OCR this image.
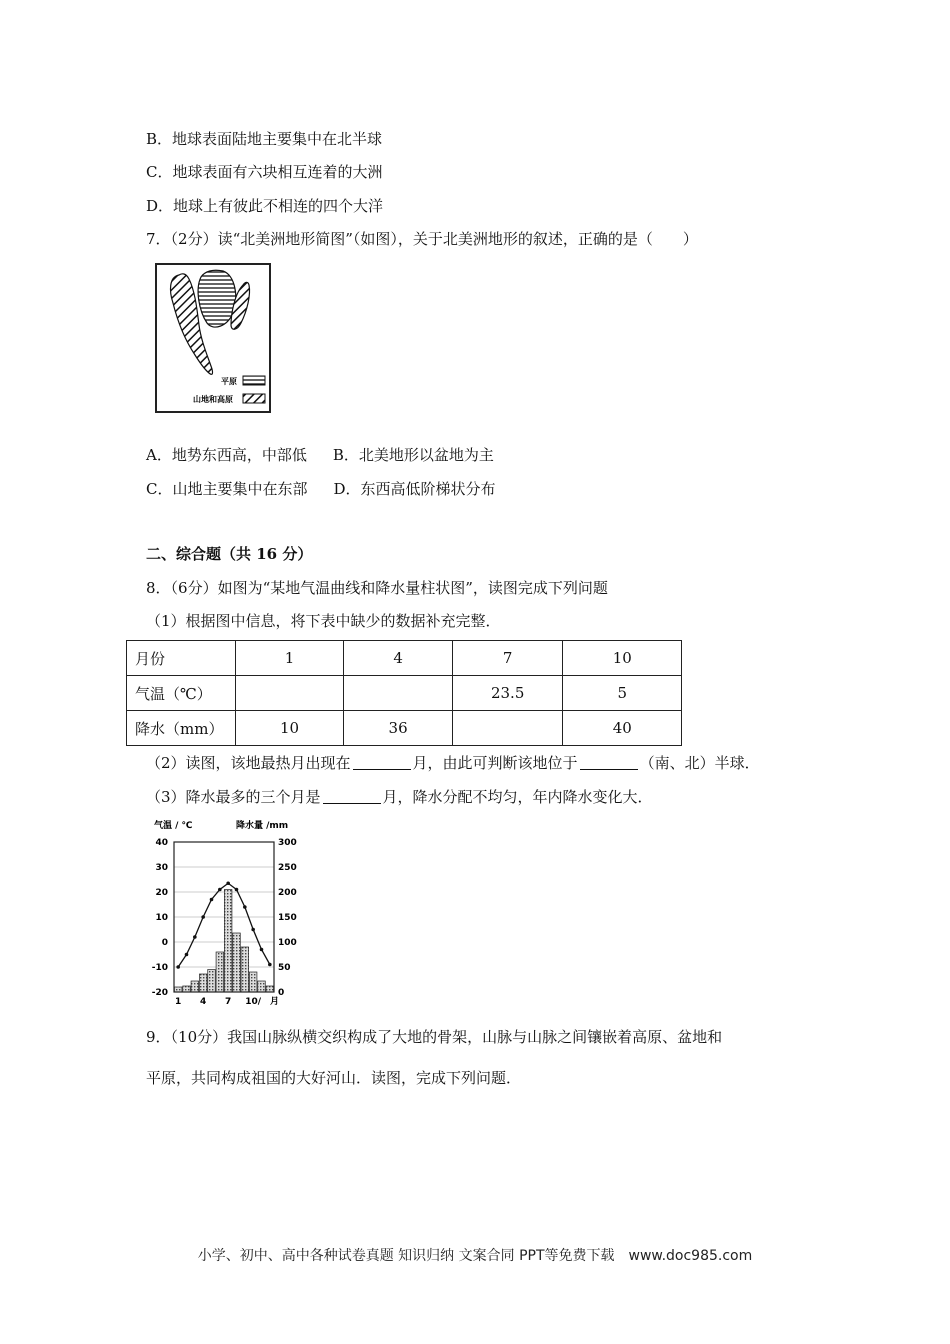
B．地球表面陆地主要集中在北半球
C．地球表面有六块相互连着的大洲
D．地球上有彼此不相连的四个大洋
7．（2分）读“北美洲地形简图”（如图），关于北美洲地形的叙述，正确的是（　　）
平原
山地和高原
A．地势东西高，中部低 B．北美地形以盆地为主
C．山地主要集中在东部 D．东西高低阶梯状分布
二、综合题（共 16 分）
8．（6分）如图为“某地气温曲线和降水量柱状图”，读图完成下列问题
（1）根据图中信息，将下表中缺少的数据补充完整．
月份	1	4	7	10
气温（℃）			23.5	5
降水（mm）	10	36		40
（2）读图，该地最热月出现在	月，由此可判断该地位于	（南、北）半球．
（3）降水最多的三个月是	月，降水分配不均匀，年内降水变化大．
气温 / ℃	降水量 /mm
40
30
20
10
0
-10
-20
300
250
200
150
100
50
0
1 4 7 10/ 月
9．（10分）我国山脉纵横交织构成了大地的骨架，山脉与山脉之间镶嵌着高原、盆地和
平原，共同构成祖国的大好河山．读图，完成下列问题．
小学、初中、高中各种试卷真题 知识归纳 文案合同 PPT等免费下载　www.doc985.com
